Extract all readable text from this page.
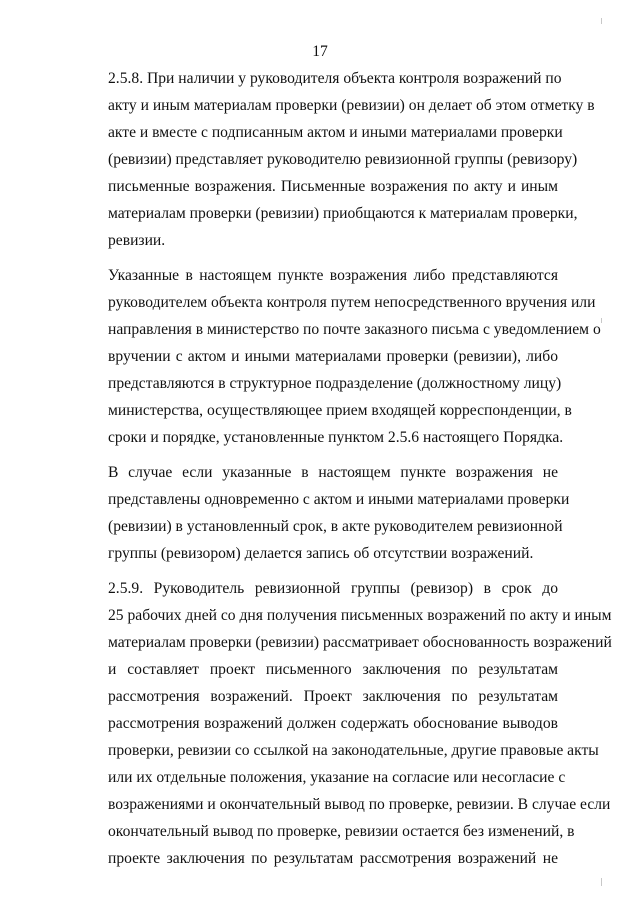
17

2.5.8. При наличии у руководителя объекта контроля возражений по
акту и иным материалам проверки (ревизии) он делает об этом отметку в
акте и вместе с подписанным актом и иными материалами проверки
(ревизии) представляет руководителю ревизионной группы (ревизору)
письменные возражения. Письменные возражения по акту и иным
материалам проверки (ревизии) приобщаются к материалам проверки,
ревизии.

Указанные в настоящем пункте возражения либо представляются
руководителем объекта контроля путем непосредственного вручения или
направления в министерство по почте заказного письма с уведомлением о
вручении с актом и иными материалами проверки (ревизии), либо
представляются в структурное подразделение (должностному лицу)
министерства, осуществляющее прием входящей корреспонденции, в
сроки и порядке, установленные пунктом 2.5.6 настоящего Порядка.

В случае если указанные в настоящем пункте возражения не
представлены одновременно с актом и иными материалами проверки
(ревизии) в установленный срок, в акте руководителем ревизионной
группы (ревизором) делается запись об отсутствии возражений.

2.5.9. Руководитель ревизионной группы (ревизор) в срок до
25 рабочих дней со дня получения письменных возражений по акту и иным
материалам проверки (ревизии) рассматривает обоснованность возражений
и составляет проект письменного заключения по результатам
рассмотрения возражений. Проект заключения по результатам
рассмотрения возражений должен содержать обоснование выводов
проверки, ревизии со ссылкой на законодательные, другие правовые акты
или их отдельные положения, указание на согласие или несогласие с
возражениями и окончательный вывод по проверке, ревизии. В случае если
окончательный вывод по проверке, ревизии остается без изменений, в
проекте заключения по результатам рассмотрения возражений не
